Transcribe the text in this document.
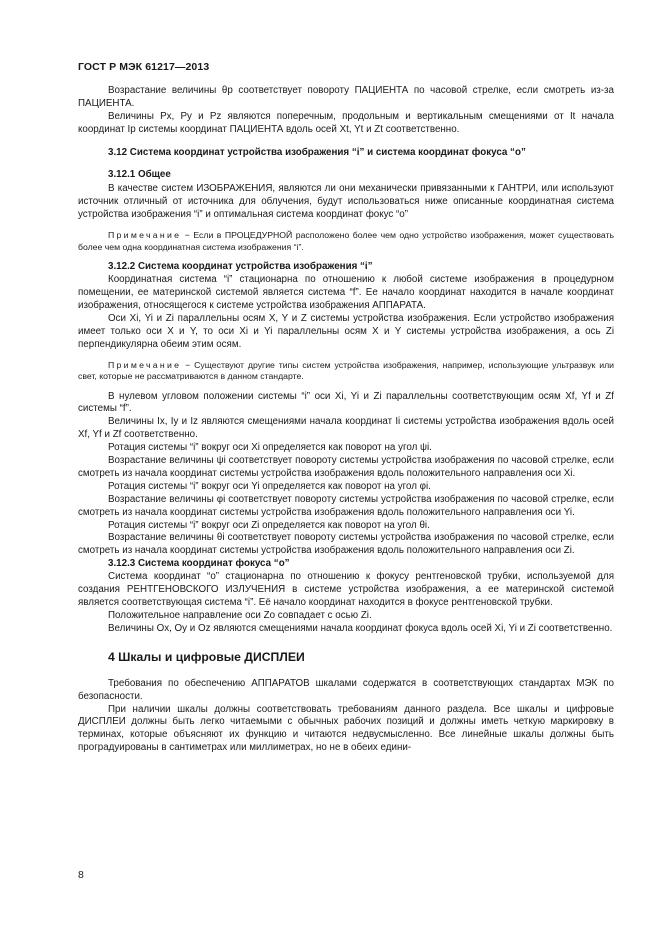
ГОСТ Р МЭК 61217—2013

Возрастание величины θp соответствует повороту ПАЦИЕНТА по часовой стрелке, если смотреть из-за ПАЦИЕНТА.

Величины Px, Py и Pz являются поперечным, продольным и вертикальным смещениями от It начала координат Ip системы координат ПАЦИЕНТА вдоль осей Xt, Yt и Zt соответственно.

3.12 Система координат устройства изображения “i” и система координат фокуса “o”

3.12.1 Общее

В качестве систем ИЗОБРАЖЕНИЯ, являются ли они механически привязанными к ГАНТРИ, или используют источник отличный от источника для облучения, будут использоваться ниже описанные координатная система устройства изображения “i” и оптимальная система координат фокус “o”

Примечание − Если в ПРОЦЕДУРНОЙ расположено более чем одно устройство изображения, может существовать более чем одна координатная система изображения “i”.

3.12.2 Система координат устройства изображения “i”

Координатная система “i” стационарна по отношению к любой системе изображения в процедурном помещении, ее материнской системой является система “f”. Ее начало координат находится в начале координат изображения, относящегося к системе устройства изображения АППАРАТА.

Оси Xi, Yi и Zi параллельны осям X, Y и Z системы устройства изображения. Если устройство изображения имеет только оси X и Y, то оси Xi и Yi параллельны осям X и Y системы устройства изображения, а ось Zi перпендикулярна обеим этим осям.

Примечание − Существуют другие типы систем устройства изображения, например, использующие ультразвук или свет, которые не рассматриваются в данном стандарте.

В нулевом угловом положении системы “i” оси Xi, Yi и Zi параллельны соответствующим осям Xf, Yf и Zf системы “f”.

Величины Ix, Iy и Iz являются смещениями начала координат Ii системы устройства изображения вдоль осей Xf, Yf и Zf соответственно.

Ротация системы “i” вокруг оси Xi определяется как поворот на угол ψi.

Возрастание величины ψi соответствует повороту системы устройства изображения по часовой стрелке, если смотреть из начала координат системы устройства изображения вдоль положительного направления оси Xi.

Ротация системы “i” вокруг оси Yi определяется как поворот на угол φi.

Возрастание величины φi соответствует повороту системы устройства изображения по часовой стрелке, если смотреть из начала координат системы устройства изображения вдоль положительного направления оси Yi.

Ротация системы “i” вокруг оси Zi определяется как поворот на угол θi.

Возрастание величины θi соответствует повороту системы устройства изображения по часовой стрелке, если смотреть из начала координат системы устройства изображения вдоль положительного направления оси Zi.

3.12.3 Система координат фокуса “o”

Система координат “o” стационарна по отношению к фокусу рентгеновской трубки, используемой для создания РЕНТГЕНОВСКОГО ИЗЛУЧЕНИЯ в системе устройства изображения, а ее материнской системой является соответствующая система “i”. Её начало координат находится в фокусе рентгеновской трубки.

Положительное направление оси Zo совпадает с осью Zi.

Величины Ox, Oy и Oz являются смещениями начала координат фокуса вдоль осей Xi, Yi и Zi соответственно.

4 Шкалы и цифровые ДИСПЛЕИ

Требования по обеспечению АППАРАТОВ шкалами содержатся в соответствующих стандартах МЭК по безопасности.

При наличии шкалы должны соответствовать требованиям данного раздела. Все шкалы и цифровые ДИСПЛЕИ должны быть легко читаемыми с обычных рабочих позиций и должны иметь четкую маркировку в терминах, которые объясняют их функцию и читаются недвусмысленно. Все линейные шкалы должны быть проградуированы в сантиметрах или миллиметрах, но не в обеих едини-

8
